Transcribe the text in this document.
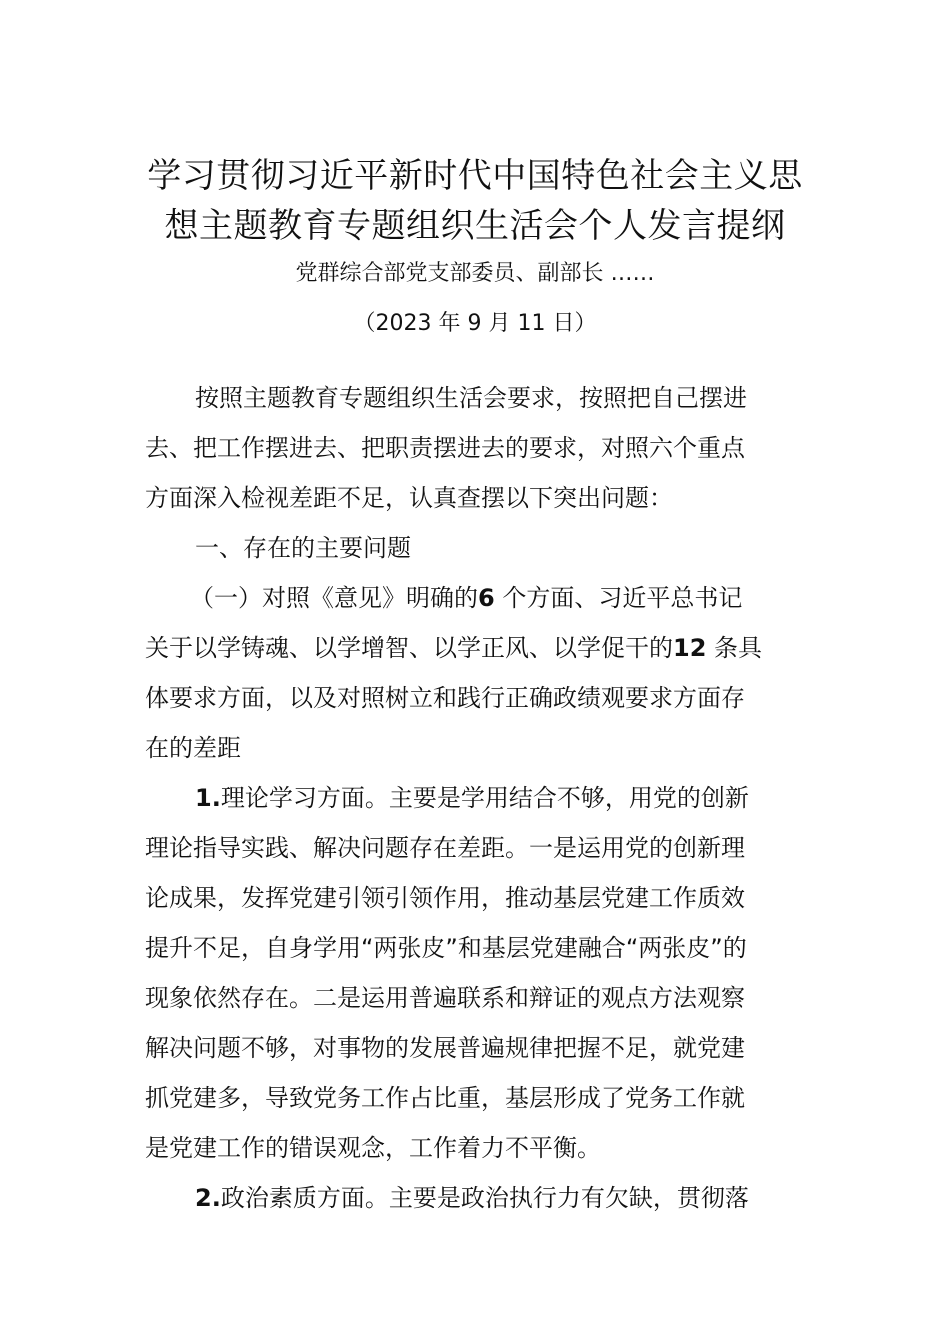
学习贯彻习近平新时代中国特色社会主义思
想主题教育专题组织生活会个人发言提纲
党群综合部党支部委员、副部长 ……
（2023 年 9 月 11 日）
按照主题教育专题组织生活会要求，按照把自己摆进
去、把工作摆进去、把职责摆进去的要求，对照六个重点
方面深入检视差距不足，认真查摆以下突出问题：
一、存在的主要问题
（一）对照《意见》明确的6 个方面、习近平总书记
关于以学铸魂、以学增智、以学正风、以学促干的12 条具
体要求方面，以及对照树立和践行正确政绩观要求方面存
在的差距
1.理论学习方面。主要是学用结合不够，用党的创新
理论指导实践、解决问题存在差距。一是运用党的创新理
论成果，发挥党建引领引领作用，推动基层党建工作质效
提升不足，自身学用“两张皮”和基层党建融合“两张皮”的
现象依然存在。二是运用普遍联系和辩证的观点方法观察
解决问题不够，对事物的发展普遍规律把握不足，就党建
抓党建多，导致党务工作占比重，基层形成了党务工作就
是党建工作的错误观念，工作着力不平衡。
2.政治素质方面。主要是政治执行力有欠缺，贯彻落
